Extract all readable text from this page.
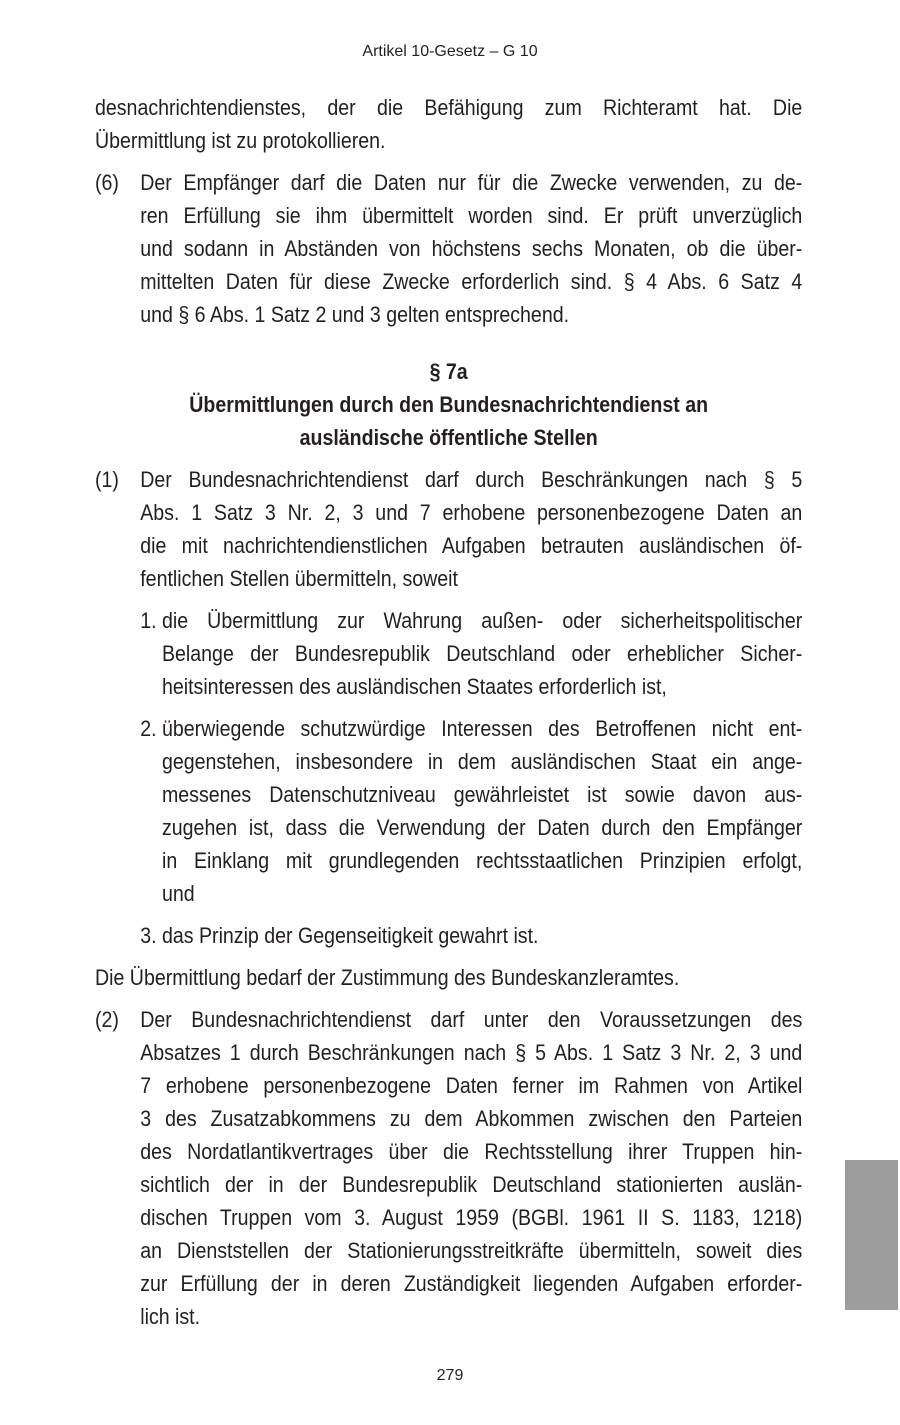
Artikel 10-Gesetz – G 10
279
desnachrichtendienstes, der die Befähigung zum Richteramt hat. Die
Übermittlung ist zu protokollieren.
(6) Der Empfänger darf die Daten nur für die Zwecke verwenden, zu de-
ren Erfüllung sie ihm übermittelt worden sind. Er prüft unverzüglich
und sodann in Abständen von höchstens sechs Monaten, ob die über-
mittelten Daten für diese Zwecke erforderlich sind. § 4 Abs. 6 Satz 4
und § 6 Abs. 1 Satz 2 und 3 gelten entsprechend.
§ 7a
Übermittlungen durch den Bundesnachrichtendienst an
ausländische öffentliche Stellen
(1) Der Bundesnachrichtendienst darf durch Beschränkungen nach § 5
Abs. 1 Satz 3 Nr. 2, 3 und 7 erhobene personenbezogene Daten an
die mit nachrichtendienstlichen Aufgaben betrauten ausländischen öf-
fentlichen Stellen übermitteln, soweit
1. die Übermittlung zur Wahrung außen- oder sicherheitspolitischer
Belange der Bundesrepublik Deutschland oder erheblicher Sicher-
heitsinteressen des ausländischen Staates erforderlich ist,
2. überwiegende schutzwürdige Interessen des Betroffenen nicht ent-
gegenstehen, insbesondere in dem ausländischen Staat ein ange-
messenes Datenschutzniveau gewährleistet ist sowie davon aus-
zugehen ist, dass die Verwendung der Daten durch den Empfänger
in Einklang mit grundlegenden rechtsstaatlichen Prinzipien erfolgt,
und
3. das Prinzip der Gegenseitigkeit gewahrt ist.
Die Übermittlung bedarf der Zustimmung des Bundeskanzleramtes.
(2) Der Bundesnachrichtendienst darf unter den Voraussetzungen des
Absatzes 1 durch Beschränkungen nach § 5 Abs. 1 Satz 3 Nr. 2, 3 und
7 erhobene personenbezogene Daten ferner im Rahmen von Artikel
3 des Zusatzabkommens zu dem Abkommen zwischen den Parteien
des Nordatlantikvertrages über die Rechtsstellung ihrer Truppen hin-
sichtlich der in der Bundesrepublik Deutschland stationierten auslän-
dischen Truppen vom 3. August 1959 (BGBl. 1961 II S. 1183, 1218)
an Dienststellen der Stationierungsstreitkräfte übermitteln, soweit dies
zur Erfüllung der in deren Zuständigkeit liegenden Aufgaben erforder-
lich ist.
